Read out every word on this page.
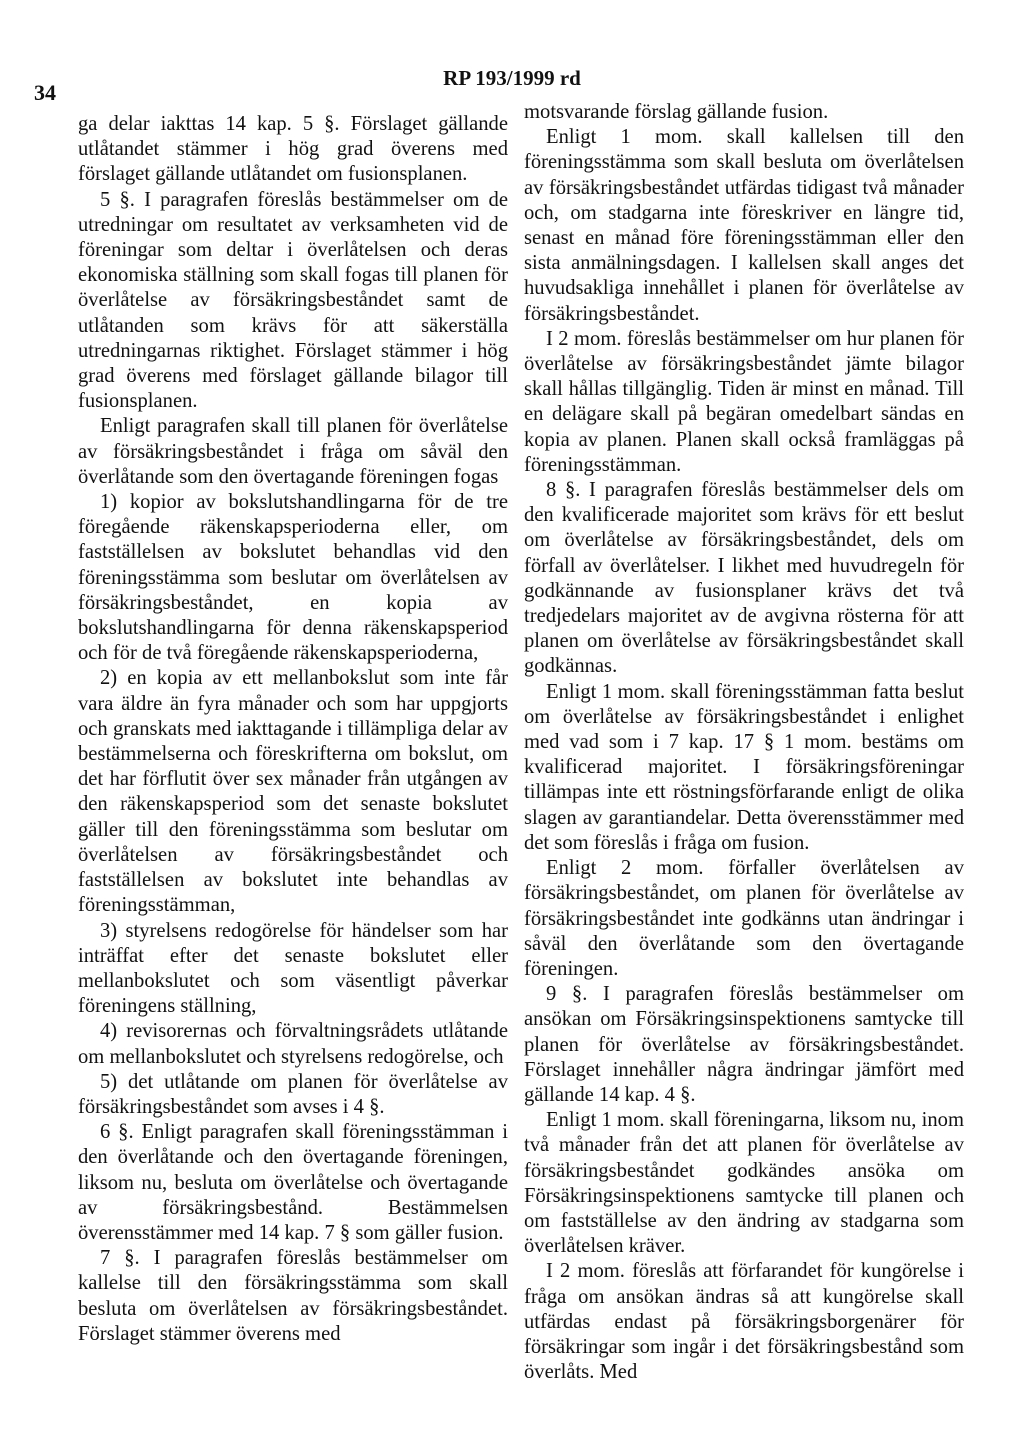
34
RP 193/1999 rd

ga delar iakttas 14 kap. 5 §. Förslaget gällande utlåtandet stämmer i hög grad överens med förslaget gällande utlåtandet om fusionsplanen.

5 §. I paragrafen föreslås bestämmelser om de utredningar om resultatet av verksamheten vid de föreningar som deltar i överlåtelsen och deras ekonomiska ställning som skall fogas till planen för överlåtelse av försäkringsbeståndet samt de utlåtanden som krävs för att säkerställa utredningarnas riktighet. Förslaget stämmer i hög grad överens med förslaget gällande bilagor till fusionsplanen.

Enligt paragrafen skall till planen för överlåtelse av försäkringsbeståndet i fråga om såväl den överlåtande som den övertagande föreningen fogas

1) kopior av bokslutshandlingarna för de tre föregående räkenskapsperioderna eller, om fastställelsen av bokslutet behandlas vid den föreningsstämma som beslutar om överlåtelsen av försäkringsbeståndet, en kopia av bokslutshandlingarna för denna räkenskapsperiod och för de två föregående räkenskapsperioderna,

2) en kopia av ett mellanbokslut som inte får vara äldre än fyra månader och som har uppgjorts och granskats med iakttagande i tillämpliga delar av bestämmelserna och föreskrifterna om bokslut, om det har förflutit över sex månader från utgången av den räkenskapsperiod som det senaste bokslutet gäller till den föreningsstämma som beslutar om överlåtelsen av försäkringsbeståndet och fastställelsen av bokslutet inte behandlas av föreningsstämman,

3) styrelsens redogörelse för händelser som har inträffat efter det senaste bokslutet eller mellanbokslutet och som väsentligt påverkar föreningens ställning,

4) revisorernas och förvaltningsrådets utlåtande om mellanbokslutet och styrelsens redogörelse, och

5) det utlåtande om planen för överlåtelse av försäkringsbeståndet som avses i 4 §.

6 §. Enligt paragrafen skall föreningsstämman i den överlåtande och den övertagande föreningen, liksom nu, besluta om överlåtelse och övertagande av försäkringsbestånd. Bestämmelsen överensstämmer med 14 kap. 7 § som gäller fusion.

7 §. I paragrafen föreslås bestämmelser om kallelse till den försäkringsstämma som skall besluta om överlåtelsen av försäkringsbeståndet. Förslaget stämmer överens med

motsvarande förslag gällande fusion.

Enligt 1 mom. skall kallelsen till den föreningsstämma som skall besluta om överlåtelsen av försäkringsbeståndet utfärdas tidigast två månader och, om stadgarna inte föreskriver en längre tid, senast en månad före föreningsstämman eller den sista anmälningsdagen. I kallelsen skall anges det huvudsakliga innehållet i planen för överlåtelse av försäkringsbeståndet.

I 2 mom. föreslås bestämmelser om hur planen för överlåtelse av försäkringsbeståndet jämte bilagor skall hållas tillgänglig. Tiden är minst en månad. Till en delägare skall på begäran omedelbart sändas en kopia av planen. Planen skall också framläggas på föreningsstämman.

8 §. I paragrafen föreslås bestämmelser dels om den kvalificerade majoritet som krävs för ett beslut om överlåtelse av försäkringsbeståndet, dels om förfall av överlåtelser. I likhet med huvudregeln för godkännande av fusionsplaner krävs det två tredjedelars majoritet av de avgivna rösterna för att planen om överlåtelse av försäkringsbeståndet skall godkännas.

Enligt 1 mom. skall föreningsstämman fatta beslut om överlåtelse av försäkringsbeståndet i enlighet med vad som i 7 kap. 17 § 1 mom. bestäms om kvalificerad majoritet. I försäkringsföreningar tillämpas inte ett röstningsförfarande enligt de olika slagen av garantiandelar. Detta överensstämmer med det som föreslås i fråga om fusion.

Enligt 2 mom. förfaller överlåtelsen av försäkringsbeståndet, om planen för överlåtelse av försäkringsbeståndet inte godkänns utan ändringar i såväl den överlåtande som den övertagande föreningen.

9 §. I paragrafen föreslås bestämmelser om ansökan om Försäkringsinspektionens samtycke till planen för överlåtelse av försäkringsbeståndet. Förslaget innehåller några ändringar jämfört med gällande 14 kap. 4 §.

Enligt 1 mom. skall föreningarna, liksom nu, inom två månader från det att planen för överlåtelse av försäkringsbeståndet godkändes ansöka om Försäkringsinspektionens samtycke till planen och om fastställelse av den ändring av stadgarna som överlåtelsen kräver.

I 2 mom. föreslås att förfarandet för kungörelse i fråga om ansökan ändras så att kungörelse skall utfärdas endast på försäkringsborgenärer för försäkringar som ingår i det försäkringsbestånd som överlåts. Med
